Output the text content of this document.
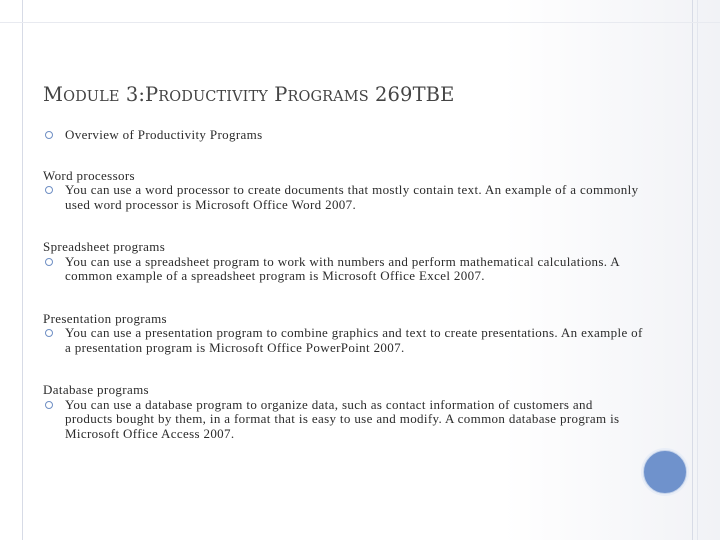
MODULE 3:PRODUCTIVITY PROGRAMS 269TBE
Overview of Productivity Programs
Word processors
You can use a word processor to create documents that mostly contain text. An example of a commonly used word processor is Microsoft Office Word 2007.
Spreadsheet programs
You can use a spreadsheet program to work with numbers and perform mathematical calculations. A common example of a spreadsheet program is Microsoft Office Excel 2007.
Presentation programs
You can use a presentation program to combine graphics and text to create presentations. An example of a presentation program is Microsoft Office PowerPoint 2007.
Database programs
You can use a database program to organize data, such as contact information of customers and products bought by them, in a format that is easy to use and modify. A common database program is Microsoft Office Access 2007.
